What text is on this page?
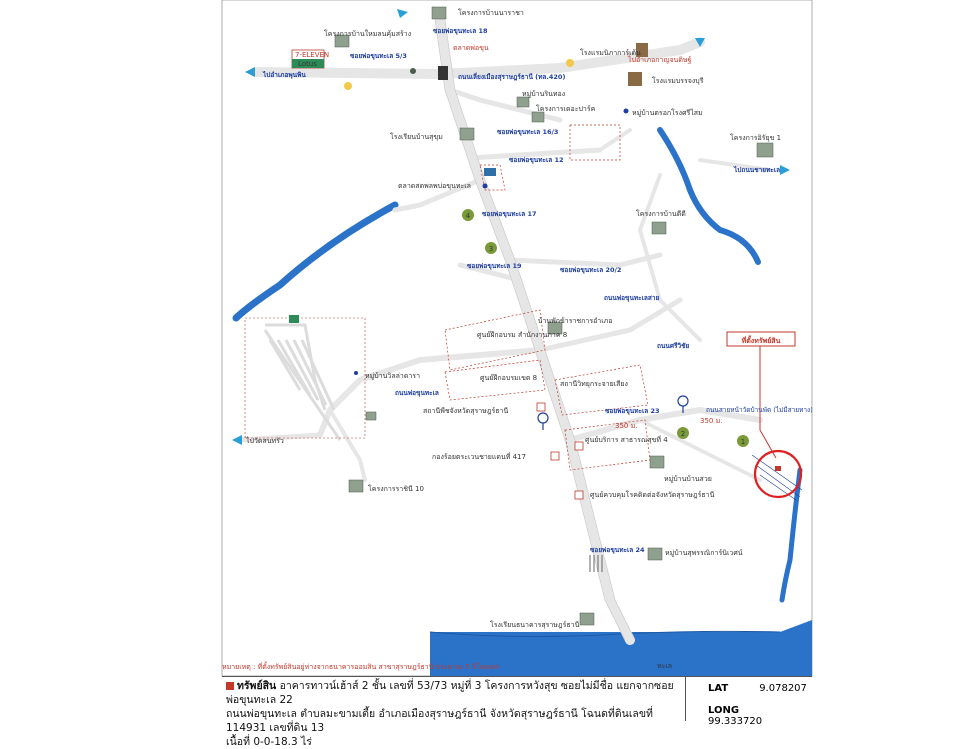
1
2
3
4
ที่ตั้งทรัพย์สิน
โครงการบ้านนาราชา
โครงการบ้านใหมลนคุ้มสร้าง	ซอยพ่อขุนทะเล 18
ซอยพ่อขุนทะเล 5/3
7-ELEVEN
Lotus
ตลาดพ่อขุน
ถนนเลี่ยงเมืองสุราษฎร์ธานี (ทล.420)
ไปอำเภอพุนพิน
โรงแรมนิภาการ์เด้น
ไปอำเภอกาญจนดิษฐ์
โรงแรมบรรจงบุรี
หมู่บ้านรินทอง
โครงการเดอะปาร์ค
ซอยพ่อขุนทะเล 16/3
หมู่บ้านตรอกโรงศรีไสม
โรงเรียนบ้านสุขุม
ซอยพ่อขุนทะเล 12
โครงการอิรัยุข 1
ไปถนนชายทะเล
ตลาดสดพลพบ่อขุนทะเล
ซอยพ่อขุนทะเล 17	โครงการบ้านดีดี
ซอยพ่อขุนทะเล 19	ซอยพ่อขุนทะเล 20/2
ถนนพ่อขุนทะเลสาย
บ้านพักข้าราชการอำเภอ
ศูนย์ฝึกอบรม สำนักงานภาค 8
ศูนย์ฝึกอบรมเขต 8
ถนนศรีวิชัย
หมู่บ้านวิลล่าดารา
ถนนพ่อขุนทะเล
สถานีวิทยุกระจายเสียง
สถานีพืชจังหวัดสุราษฎร์ธานี	ซอยพ่อขุนทะเล 23
350 ม.
350 ม.
ถนนสายหน้าวัดบ้านพัด (ไม่มีสายทาง)
ศูนย์บริการ สาธารณสุขที่ 4
ไปวัดสนทรัว
กองร้อยตระเวนชายแดนที่ 417
หมู่บ้านบ้านสวย
โครงการราชินี 10
ศูนย์ควบคุมโรคติดต่อจังหวัดสุราษฎร์ธานี
ซอยพ่อขุนทะเล 24	หมู่บ้านสุพรรณิการ์นิเวศน์
โรงเรียนธนาคารสุราษฎร์ธานี
ทะเล
หมายเหตุ : ที่ตั้งทรัพย์สินอยู่ห่างจากธนาคารออมสิน สาขาสุราษฎร์ธานี ประมาณ 5 กิโลเมตร
ทรัพย์สิน อาคารทาวน์เฮ้าส์ 2 ชั้น เลขที่ 53/73 หมู่ที่ 3 โครงการหวังสุข ซอยไม่มีชื่อ แยกจากซอยพ่อขุนทะเล 22
ถนนพ่อขุนทะเล ตำบลมะขามเตี้ย อำเภอเมืองสุราษฎร์ธานี จังหวัดสุราษฎร์ธานี โฉนดที่ดินเลขที่ 114931 เลขที่ดิน 13
เนื้อที่ 0-0-18.3 ไร่
LAT	9.078207
LONG 99.333720
